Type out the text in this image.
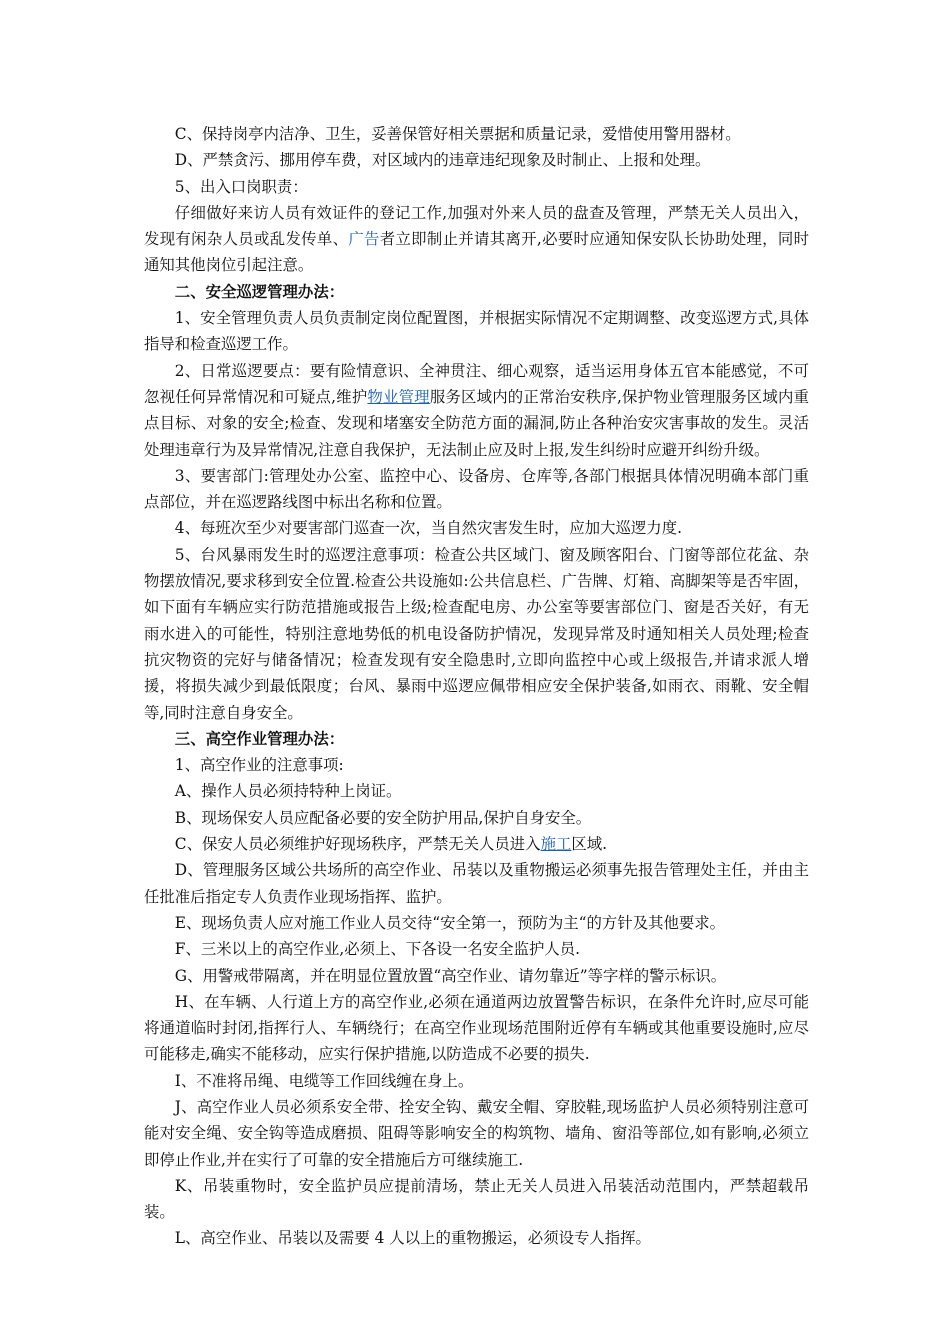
C、保持岗亭内洁净、卫生，妥善保管好相关票据和质量记录，爱惜使用警用器材。

D、严禁贪污、挪用停车费，对区域内的违章违纪现象及时制止、上报和处理。

5、出入口岗职责：

仔细做好来访人员有效证件的登记工作,加强对外来人员的盘查及管理，严禁无关人员出入，发现有闲杂人员或乱发传单、广告者立即制止并请其离开,必要时应通知保安队长协助处理，同时通知其他岗位引起注意。

二、安全巡逻管理办法：

1、安全管理负责人员负责制定岗位配置图，并根据实际情况不定期调整、改变巡逻方式,具体指导和检查巡逻工作。

2、日常巡逻要点：要有险情意识、全神贯注、细心观察，适当运用身体五官本能感觉，不可忽视任何异常情况和可疑点,维护物业管理服务区域内的正常治安秩序,保护物业管理服务区域内重点目标、对象的安全;检查、发现和堵塞安全防范方面的漏洞,防止各种治安灾害事故的发生。灵活处理违章行为及异常情况,注意自我保护，无法制止应及时上报,发生纠纷时应避开纠纷升级。

3、要害部门:管理处办公室、监控中心、设备房、仓库等,各部门根据具体情况明确本部门重点部位，并在巡逻路线图中标出名称和位置。

4、每班次至少对要害部门巡查一次，当自然灾害发生时，应加大巡逻力度.

5、台风暴雨发生时的巡逻注意事项：检查公共区域门、窗及顾客阳台、门窗等部位花盆、杂物摆放情况,要求移到安全位置.检查公共设施如:公共信息栏、广告牌、灯箱、高脚架等是否牢固，如下面有车辆应实行防范措施或报告上级;检查配电房、办公室等要害部位门、窗是否关好，有无雨水进入的可能性，特别注意地势低的机电设备防护情况，发现异常及时通知相关人员处理;检查抗灾物资的完好与储备情况；检查发现有安全隐患时,立即向监控中心或上级报告,并请求派人增援，将损失减少到最低限度；台风、暴雨中巡逻应佩带相应安全保护装备,如雨衣、雨靴、安全帽等,同时注意自身安全。

三、高空作业管理办法：

1、高空作业的注意事项:

A、操作人员必须持特种上岗证。

B、现场保安人员应配备必要的安全防护用品,保护自身安全。

C、保安人员必须维护好现场秩序，严禁无关人员进入施工区域.

D、管理服务区域公共场所的高空作业、吊装以及重物搬运必须事先报告管理处主任，并由主任批准后指定专人负责作业现场指挥、监护。

E、现场负责人应对施工作业人员交待“安全第一，预防为主“的方针及其他要求。

F、三米以上的高空作业,必须上、下各设一名安全监护人员.

G、用警戒带隔离，并在明显位置放置“高空作业、请勿靠近”等字样的警示标识。

H、在车辆、人行道上方的高空作业,必须在通道两边放置警告标识，在条件允许时,应尽可能将通道临时封闭,指挥行人、车辆绕行；在高空作业现场范围附近停有车辆或其他重要设施时,应尽可能移走,确实不能移动，应实行保护措施,以防造成不必要的损失.

I、不准将吊绳、电缆等工作回线缠在身上。

J、高空作业人员必须系安全带、拴安全钩、戴安全帽、穿胶鞋,现场监护人员必须特别注意可能对安全绳、安全钩等造成磨损、阻碍等影响安全的构筑物、墙角、窗沿等部位,如有影响,必须立即停止作业,并在实行了可靠的安全措施后方可继续施工.

K、吊装重物时，安全监护员应提前清场，禁止无关人员进入吊装活动范围内，严禁超载吊装。

L、高空作业、吊装以及需要 4 人以上的重物搬运，必须设专人指挥。
